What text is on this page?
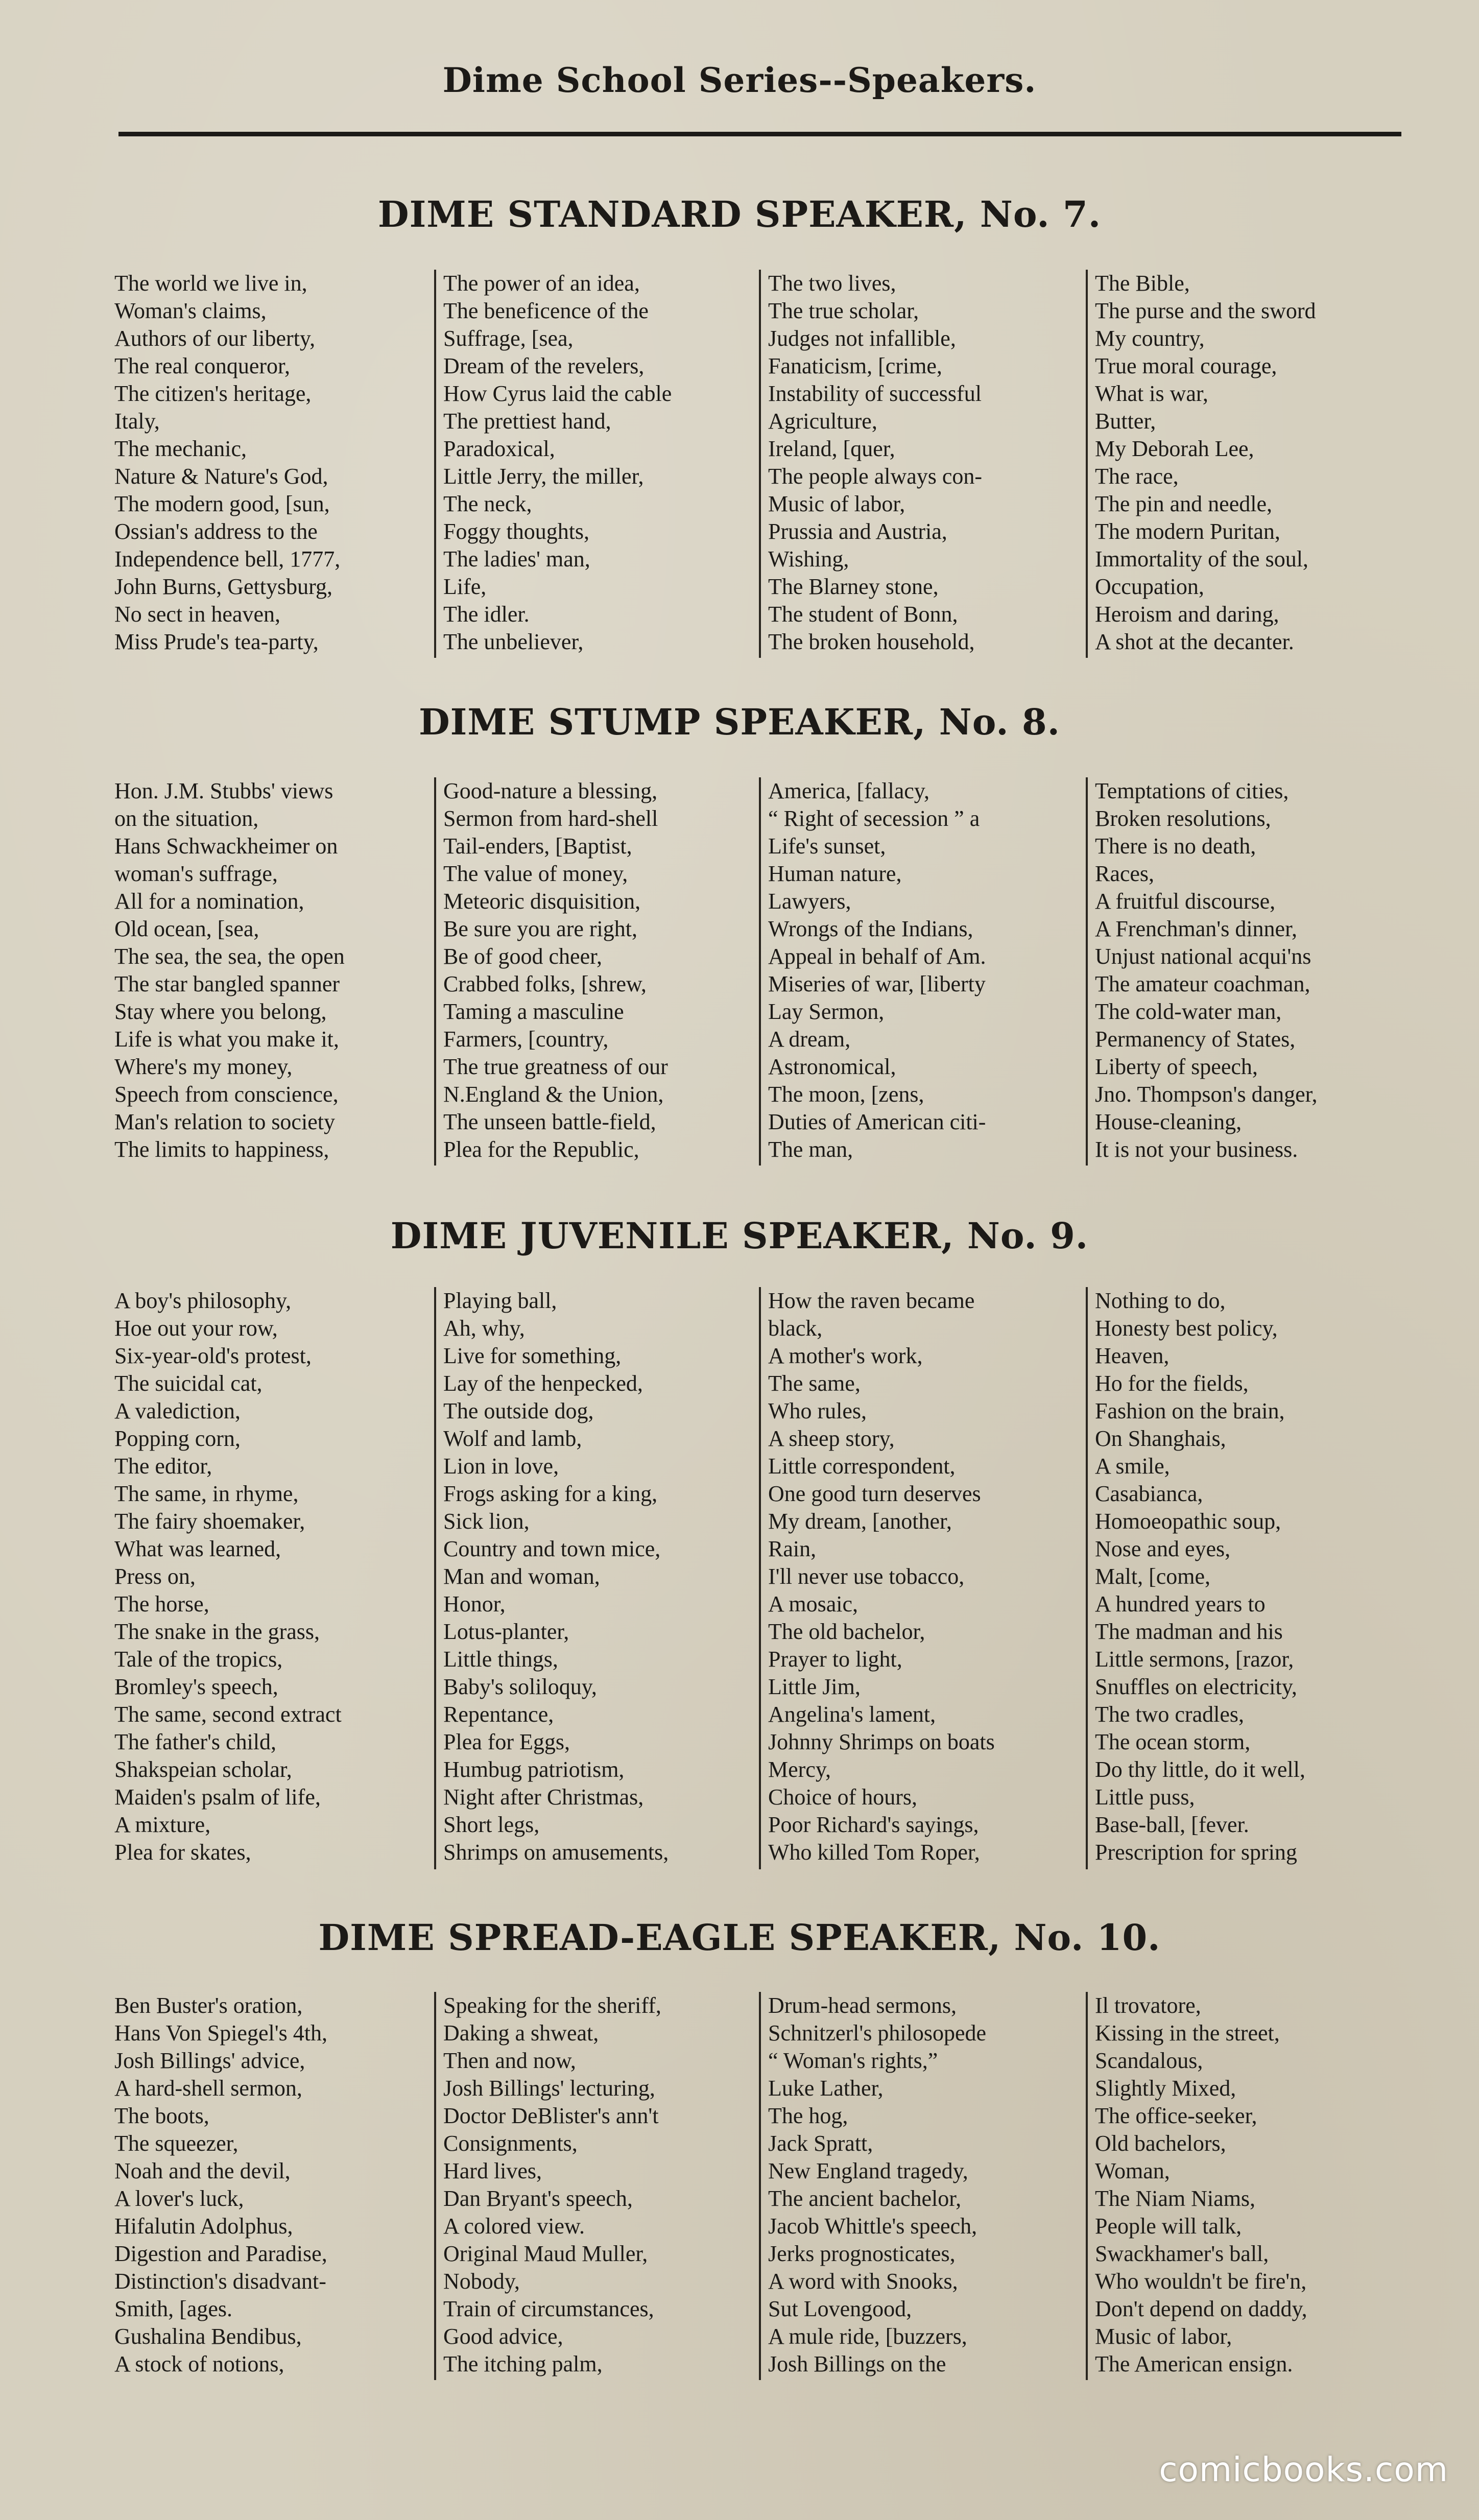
Dime School Series--Speakers.
DIME STANDARD SPEAKER, No. 7.
The world we live in,
Woman's claims,
Authors of our liberty,
The real conqueror,
The citizen's heritage,
Italy,
The mechanic,
Nature & Nature's God,
The modern good, [sun,
Ossian's address to the
Independence bell, 1777,
John Burns, Gettysburg,
No sect in heaven,
Miss Prude's tea-party,
The power of an idea,
The beneficence of the
Suffrage, [sea,
Dream of the revelers,
How Cyrus laid the cable
The prettiest hand,
Paradoxical,
Little Jerry, the miller,
The neck,
Foggy thoughts,
The ladies' man,
Life,
The idler.
The unbeliever,
The two lives,
The true scholar,
Judges not infallible,
Fanaticism, [crime,
Instability of successful
Agriculture,
Ireland, [quer,
The people always con-
Music of labor,
Prussia and Austria,
Wishing,
The Blarney stone,
The student of Bonn,
The broken household,
The Bible,
The purse and the sword
My country,
True moral courage,
What is war,
Butter,
My Deborah Lee,
The race,
The pin and needle,
The modern Puritan,
Immortality of the soul,
Occupation,
Heroism and daring,
A shot at the decanter.
DIME STUMP SPEAKER, No. 8.
Hon. J.M. Stubbs' views
on the situation,
Hans Schwackheimer on
woman's suffrage,
All for a nomination,
Old ocean, [sea,
The sea, the sea, the open
The star bangled spanner
Stay where you belong,
Life is what you make it,
Where's my money,
Speech from conscience,
Man's relation to society
The limits to happiness,
Good-nature a blessing,
Sermon from hard-shell
Tail-enders, [Baptist,
The value of money,
Meteoric disquisition,
Be sure you are right,
Be of good cheer,
Crabbed folks, [shrew,
Taming a masculine
Farmers, [country,
The true greatness of our
N.England & the Union,
The unseen battle-field,
Plea for the Republic,
America, [fallacy,
“ Right of secession ” a
Life's sunset,
Human nature,
Lawyers,
Wrongs of the Indians,
Appeal in behalf of Am.
Miseries of war, [liberty
Lay Sermon,
A dream,
Astronomical,
The moon, [zens,
Duties of American citi-
The man,
Temptations of cities,
Broken resolutions,
There is no death,
Races,
A fruitful discourse,
A Frenchman's dinner,
Unjust national acqui'ns
The amateur coachman,
The cold-water man,
Permanency of States,
Liberty of speech,
Jno. Thompson's danger,
House-cleaning,
It is not your business.
DIME JUVENILE SPEAKER, No. 9.
A boy's philosophy,
Hoe out your row,
Six-year-old's protest,
The suicidal cat,
A valediction,
Popping corn,
The editor,
The same, in rhyme,
The fairy shoemaker,
What was learned,
Press on,
The horse,
The snake in the grass,
Tale of the tropics,
Bromley's speech,
The same, second extract
The father's child,
Shakspeian scholar,
Maiden's psalm of life,
A mixture,
Plea for skates,
Playing ball,
Ah, why,
Live for something,
Lay of the henpecked,
The outside dog,
Wolf and lamb,
Lion in love,
Frogs asking for a king,
Sick lion,
Country and town mice,
Man and woman,
Honor,
Lotus-planter,
Little things,
Baby's soliloquy,
Repentance,
Plea for Eggs,
Humbug patriotism,
Night after Christmas,
Short legs,
Shrimps on amusements,
How the raven became
black,
A mother's work,
The same,
Who rules,
A sheep story,
Little correspondent,
One good turn deserves
My dream, [another,
Rain,
I'll never use tobacco,
A mosaic,
The old bachelor,
Prayer to light,
Little Jim,
Angelina's lament,
Johnny Shrimps on boats
Mercy,
Choice of hours,
Poor Richard's sayings,
Who killed Tom Roper,
Nothing to do,
Honesty best policy,
Heaven,
Ho for the fields,
Fashion on the brain,
On Shanghais,
A smile,
Casabianca,
Homoeopathic soup,
Nose and eyes,
Malt, [come,
A hundred years to
The madman and his
Little sermons, [razor,
Snuffles on electricity,
The two cradles,
The ocean storm,
Do thy little, do it well,
Little puss,
Base-ball, [fever.
Prescription for spring
DIME SPREAD-EAGLE SPEAKER, No. 10.
Ben Buster's oration,
Hans Von Spiegel's 4th,
Josh Billings' advice,
A hard-shell sermon,
The boots,
The squeezer,
Noah and the devil,
A lover's luck,
Hifalutin Adolphus,
Digestion and Paradise,
Distinction's disadvant-
Smith, [ages.
Gushalina Bendibus,
A stock of notions,
Speaking for the sheriff,
Daking a shweat,
Then and now,
Josh Billings' lecturing,
Doctor DeBlister's ann't
Consignments,
Hard lives,
Dan Bryant's speech,
A colored view.
Original Maud Muller,
Nobody,
Train of circumstances,
Good advice,
The itching palm,
Drum-head sermons,
Schnitzerl's philosopede
“ Woman's rights,”
Luke Lather,
The hog,
Jack Spratt,
New England tragedy,
The ancient bachelor,
Jacob Whittle's speech,
Jerks prognosticates,
A word with Snooks,
Sut Lovengood,
A mule ride, [buzzers,
Josh Billings on the
Il trovatore,
Kissing in the street,
Scandalous,
Slightly Mixed,
The office-seeker,
Old bachelors,
Woman,
The Niam Niams,
People will talk,
Swackhamer's ball,
Who wouldn't be fire'n,
Don't depend on daddy,
Music of labor,
The American ensign.
comicbooks.com
